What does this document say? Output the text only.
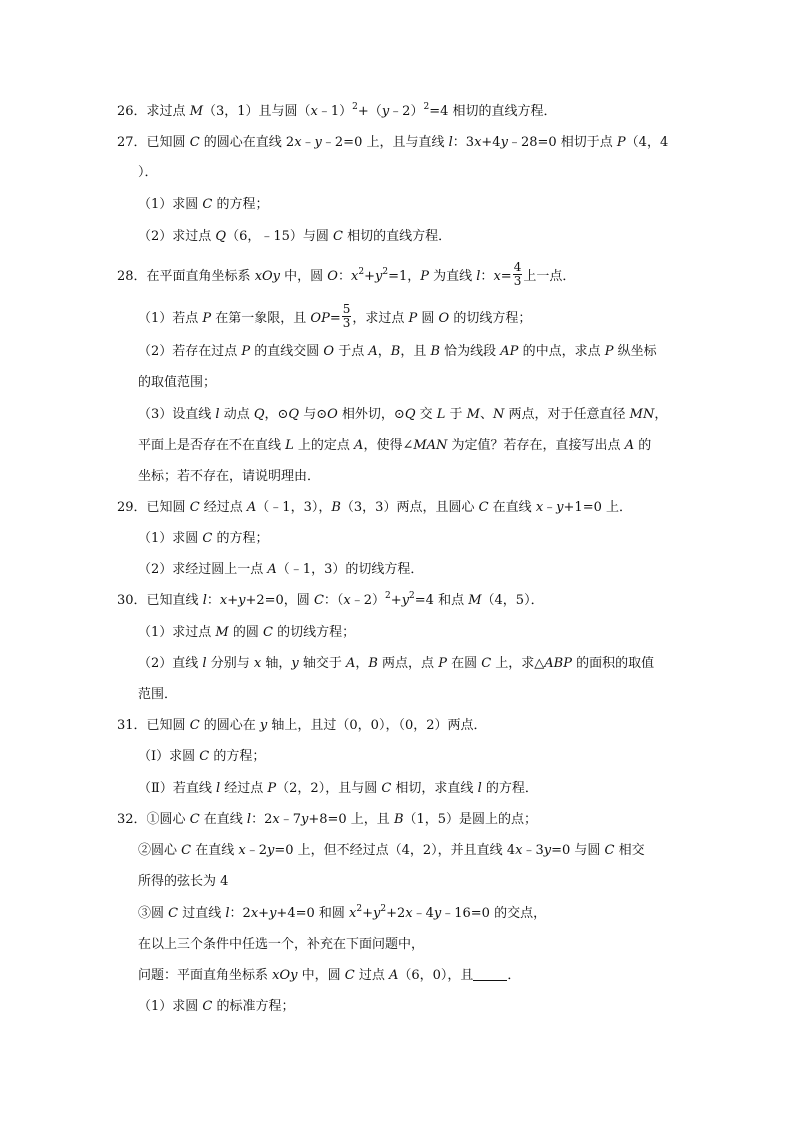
26．求过点 M（3，1）且与圆（x﹣1）$^2$+（y﹣2）$^2$=4 相切的直线方程．
27．已知圆 C 的圆心在直线 2x﹣y﹣2=0 上，且与直线 l：3x+4y﹣28=0 相切于点 P（4，4
）．
（1）求圆 C 的方程；
（2）求过点 Q（6，﹣15）与圆 C 相切的直线方程．
28．在平面直角坐标系 xOy 中，圆 O：$x^2+y^2=1$，P 为直线 l：$x= \frac{4}{3}$ 上一点．
（1）若点 P 在第一象限，且 $OP= \frac{5}{3}$ ，求过点 P 圆 O 的切线方程；
（2）若存在过点 P 的直线交圆 O 于点 A，B，且 B 恰为线段 AP 的中点，求点 P 纵坐标
的取值范围；
（3）设直线 l 动点 Q，⊙Q 与⊙O 相外切，⊙Q 交 L 于 M、N 两点，对于任意直径 MN，
平面上是否存在不在直线 L 上的定点 A，使得∠MAN 为定值？若存在，直接写出点 A 的
坐标；若不存在，请说明理由．
29．已知圆 C 经过点 A（﹣1，3），B（3，3）两点，且圆心 C 在直线 x﹣y+1=0 上．
（1）求圆 C 的方程；
（2）求经过圆上一点 A（﹣1，3）的切线方程．
30．已知直线 l：x+y+2=0，圆 C：$(x﹣2)^2+y^2=4$ 和点 M（4，5）．
（1）求过点 M 的圆 C 的切线方程；
（2）直线 l 分别与 x 轴，y 轴交于 A，B 两点，点 P 在圆 C 上，求△ABP 的面积的取值
范围．
31．已知圆 C 的圆心在 y 轴上，且过（0，0），（0，2）两点．
（Ⅰ）求圆 C 的方程；
（Ⅱ）若直线 l 经过点 P（2，2），且与圆 C 相切，求直线 l 的方程．
32．①圆心 C 在直线 l：2x﹣7y+8=0 上，且 B（1，5）是圆上的点；
②圆心 C 在直线 x﹣2y=0 上，但不经过点（4，2），并且直线 4x﹣3y=0 与圆 C 相交
所得的弦长为 4
③圆 C 过直线 l：2x+y+4=0 和圆 $x^2+y^2+2x﹣4y﹣16=0$ 的交点，
在以上三个条件中任选一个，补充在下面问题中，
问题：平面直角坐标系 xOy 中，圆 C 过点 A（6，0），且	．
（1）求圆 C 的标准方程；
